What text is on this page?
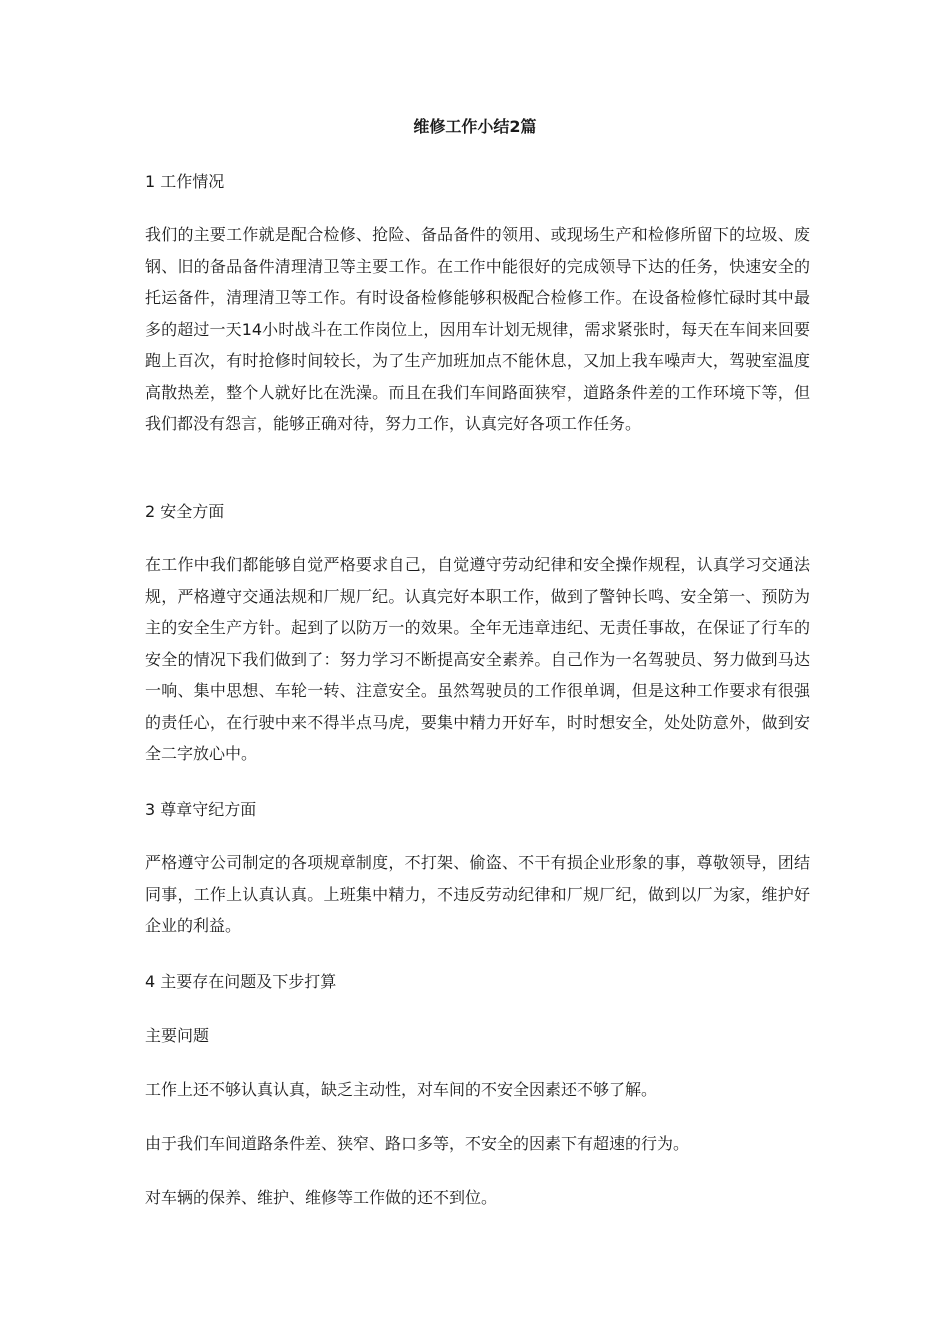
维修工作小结2篇
1 工作情况
我们的主要工作就是配合检修、抢险、备品备件的领用、或现场生产和检修所留下的垃圾、废钢、旧的备品备件清理清卫等主要工作。在工作中能很好的完成领导下达的任务，快速安全的托运备件，清理清卫等工作。有时设备检修能够积极配合检修工作。在设备检修忙碌时其中最多的超过一天14小时战斗在工作岗位上，因用车计划无规律，需求紧张时，每天在车间来回要跑上百次，有时抢修时间较长，为了生产加班加点不能休息，又加上我车噪声大，驾驶室温度高散热差，整个人就好比在洗澡。而且在我们车间路面狭窄，道路条件差的工作环境下等，但我们都没有怨言，能够正确对待，努力工作，认真完好各项工作任务。
2 安全方面
在工作中我们都能够自觉严格要求自己，自觉遵守劳动纪律和安全操作规程，认真学习交通法规，严格遵守交通法规和厂规厂纪。认真完好本职工作，做到了警钟长鸣、安全第一、预防为主的安全生产方针。起到了以防万一的效果。全年无违章违纪、无责任事故，在保证了行车的安全的情况下我们做到了：努力学习不断提高安全素养。自己作为一名驾驶员、努力做到马达一响、集中思想、车轮一转、注意安全。虽然驾驶员的工作很单调，但是这种工作要求有很强的责任心，在行驶中来不得半点马虎，要集中精力开好车，时时想安全，处处防意外，做到安全二字放心中。
3 尊章守纪方面
严格遵守公司制定的各项规章制度，不打架、偷盗、不干有损企业形象的事，尊敬领导，团结同事，工作上认真认真。上班集中精力，不违反劳动纪律和厂规厂纪，做到以厂为家，维护好企业的利益。
4 主要存在问题及下步打算
主要问题
工作上还不够认真认真，缺乏主动性，对车间的不安全因素还不够了解。
由于我们车间道路条件差、狭窄、路口多等，不安全的因素下有超速的行为。
对车辆的保养、维护、维修等工作做的还不到位。
